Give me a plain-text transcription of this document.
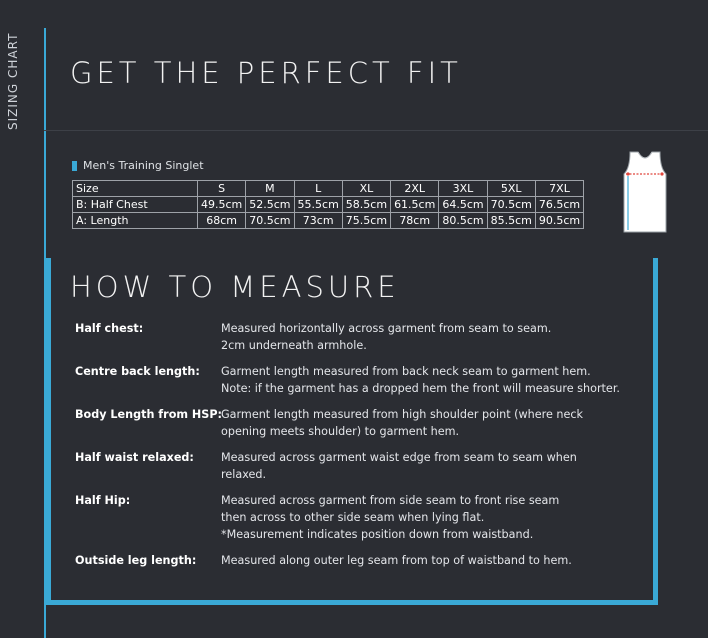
SIZING CHART GET THE PERFECT FIT
Men's Training Singlet
Size	S	M	L	XL	2XL	3XL	5XL	7XL
B: Half Chest	49.5cm	52.5cm	55.5cm	58.5cm	61.5cm	64.5cm	70.5cm	76.5cm
A: Length	68cm	70.5cm	73cm	75.5cm	78cm	80.5cm	85.5cm	90.5cm
HOW TO MEASURE
Half chest:	Measured horizontally across garment from seam to seam.
2cm underneath armhole.
Centre back length:	Garment length measured from back neck seam to garment hem.
Note: if the garment has a dropped hem the front will measure shorter.
Body Length from HSP:
Garment length measured from high shoulder point (where neck
opening meets shoulder) to garment hem.
Half waist relaxed:	Measured across garment waist edge from seam to seam when
relaxed.
Half Hip:	Measured across garment from side seam to front rise seam
then across to other side seam when lying flat.
*Measurement indicates position down from waistband.
Outside leg length:	Measured along outer leg seam from top of waistband to hem.
